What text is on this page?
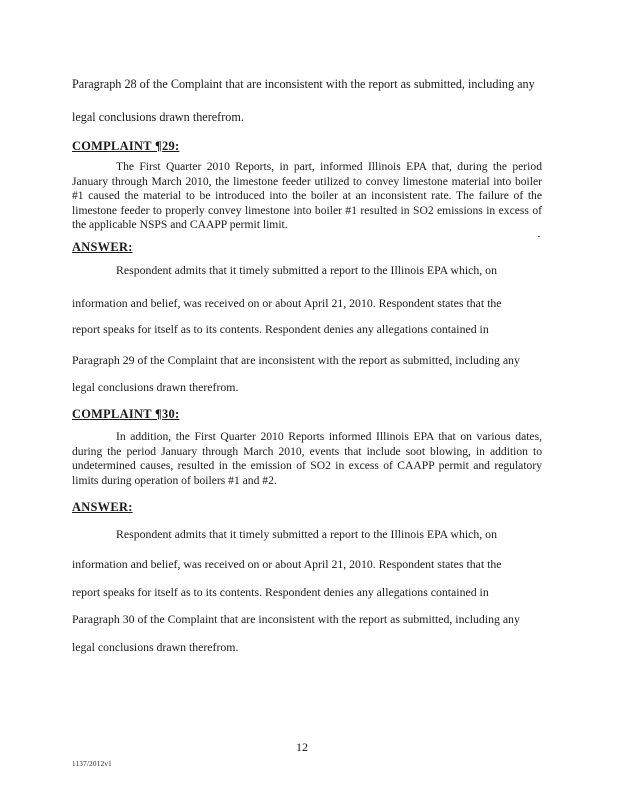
Paragraph 28 of the Complaint that are inconsistent with the report as submitted, including any
legal conclusions drawn therefrom.
COMPLAINT ¶29:
The First Quarter 2010 Reports, in part, informed Illinois EPA that, during the period January through March 2010, the limestone feeder utilized to convey limestone material into boiler #1 caused the material to be introduced into the boiler at an inconsistent rate. The failure of the limestone feeder to properly convey limestone into boiler #1 resulted in SO2 emissions in excess of the applicable NSPS and CAAPP permit limit.
ANSWER:
Respondent admits that it timely submitted a report to the Illinois EPA which, on
information and belief, was received on or about April 21, 2010. Respondent states that the
report speaks for itself as to its contents. Respondent denies any allegations contained in
Paragraph 29 of the Complaint that are inconsistent with the report as submitted, including any
legal conclusions drawn therefrom.
COMPLAINT ¶30:
In addition, the First Quarter 2010 Reports informed Illinois EPA that on various dates, during the period January through March 2010, events that include soot blowing, in addition to undetermined causes, resulted in the emission of SO2 in excess of CAAPP permit and regulatory limits during operation of boilers #1 and #2.
ANSWER:
Respondent admits that it timely submitted a report to the Illinois EPA which, on
information and belief, was received on or about April 21, 2010. Respondent states that the
report speaks for itself as to its contents. Respondent denies any allegations contained in
Paragraph 30 of the Complaint that are inconsistent with the report as submitted, including any
legal conclusions drawn therefrom.
12
1137/2012v1
